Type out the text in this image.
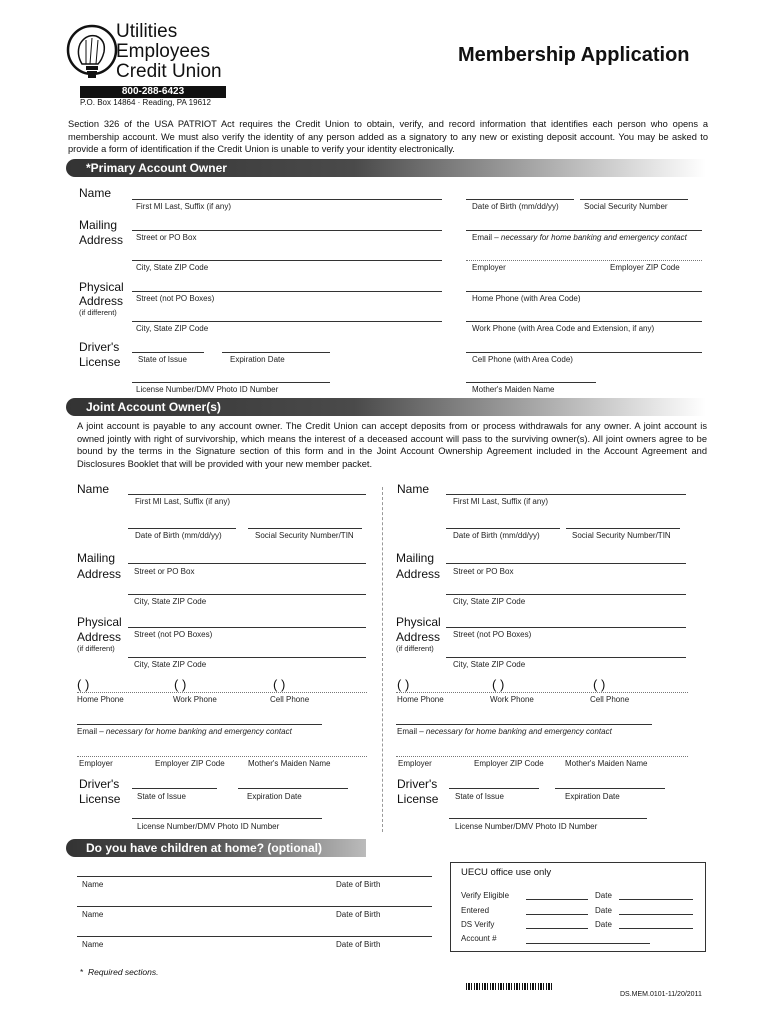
Utilities
Employees
Credit Union
800-288-6423
P.O. Box 14864 · Reading, PA 19612
Membership Application
Section 326 of the USA PATRIOT Act requires the Credit Union to obtain, verify, and record information that identifies each person who opens a membership account. We must also verify the identity of any person added as a signatory to any new or existing deposit account. You may be asked to provide a form of identification if the Credit Union is unable to verify your identity electronically.
*Primary Account Owner
Name
First MI Last, Suffix (if any)	Date of Birth (mm/dd/yy)	Social Security Number
Mailing
Address Street or PO Box	Email – necessary for home banking and emergency contact
City, State ZIP Code	Employer	Employer ZIP Code
Physical
Address
(if different)
Street (not PO Boxes)	Home Phone (with Area Code)
City, State ZIP Code	Work Phone (with Area Code and Extension, if any)
Driver's
License State of Issue	Expiration Date	Cell Phone (with Area Code)
License Number/DMV Photo ID Number	Mother's Maiden Name
Joint Account Owner(s)
A joint account is payable to any account owner. The Credit Union can accept deposits from or process withdrawals for any owner. A joint account is owned jointly with right of survivorship, which means the interest of a deceased account will pass to the surviving owner(s). All joint owners agree to be bound by the terms in the Signature section of this form and in the Joint Account Ownership Agreement included in the Account Agreement and Disclosures Booklet that will be provided with your new member packet.
Name
First MI Last, Suffix (if any)
Date of Birth (mm/dd/yy)	Social Security Number/TIN
Mailing
Address Street or PO Box
City, State ZIP Code
Physical
Address
(if different)
Street (not PO Boxes)
City, State ZIP Code
( )	( )	( )
Home Phone	Work Phone	Cell Phone
Email – necessary for home banking and emergency contact
Employer	Employer ZIP Code	Mother's Maiden Name
Driver's
License State of Issue	Expiration Date
License Number/DMV Photo ID Number
Name
First MI Last, Suffix (if any)
Date of Birth (mm/dd/yy)	Social Security Number/TIN
Mailing
Address Street or PO Box
City, State ZIP Code
Physical
Address
(if different)
Street (not PO Boxes)
City, State ZIP Code
( )	( )	( )
Home Phone	Work Phone	Cell Phone
Email – necessary for home banking and emergency contact
Employer	Employer ZIP Code	Mother's Maiden Name
Driver's
License State of Issue	Expiration Date
License Number/DMV Photo ID Number
Do you have children at home? (optional)
Name	Date of Birth
Name	Date of Birth
Name	Date of Birth
UECU office use only
Verify Eligible	Date
Entered	Date
DS Verify	Date
Account #
* Required sections.
DS.MEM.0101-11/20/2011
